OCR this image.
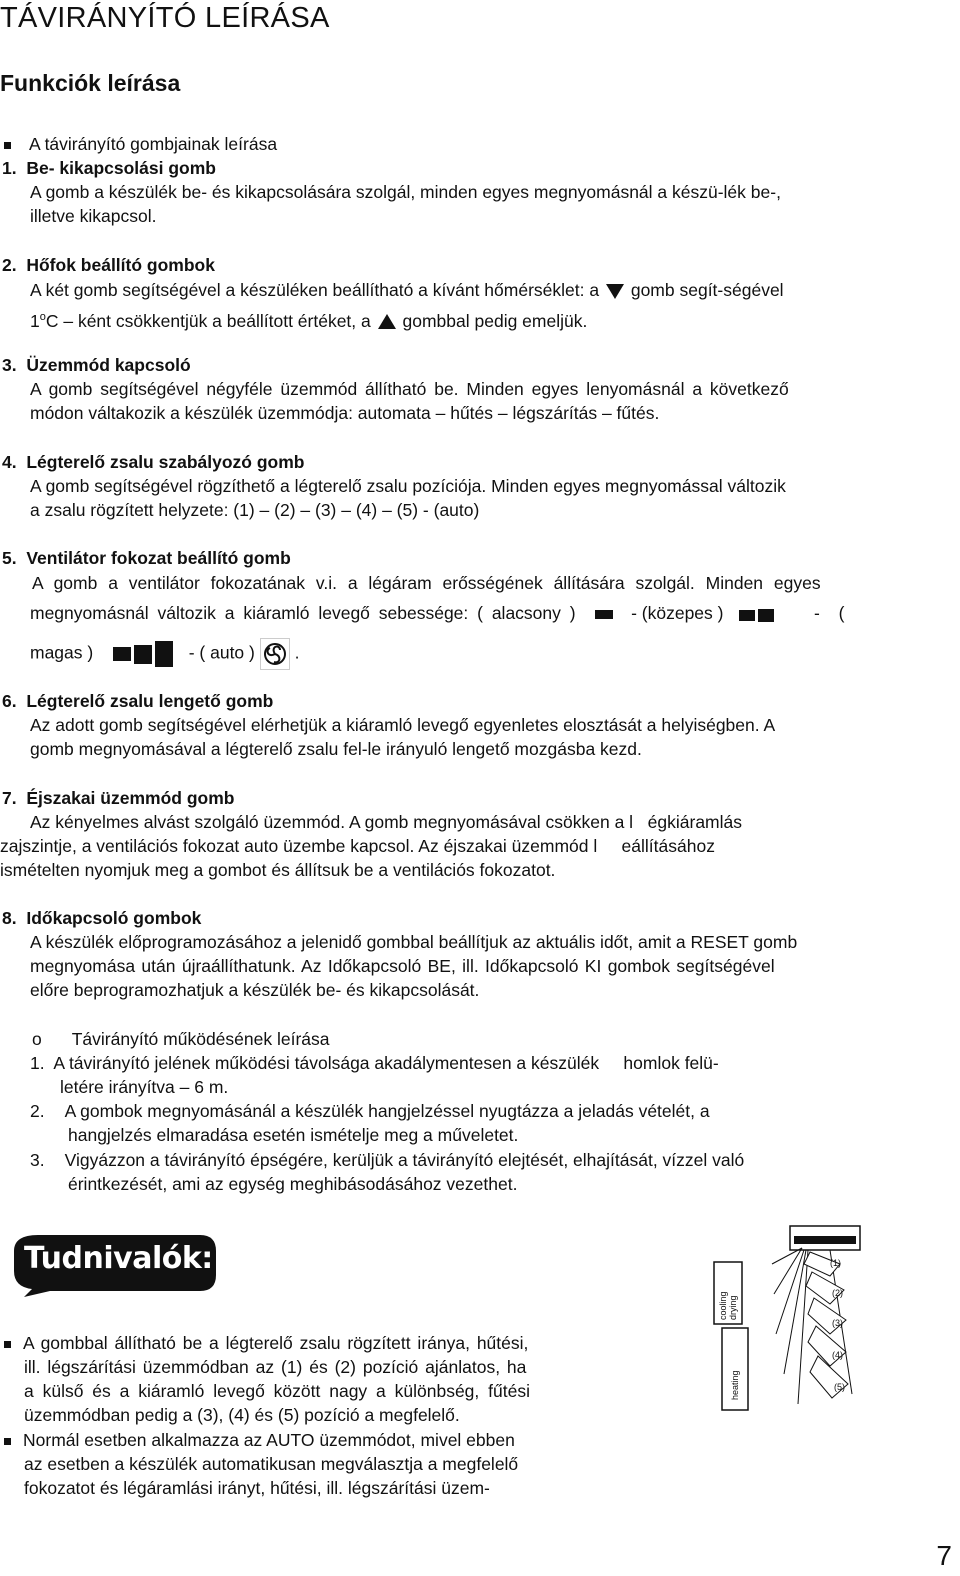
TÁVIRÁNYÍTÓ LEÍRÁSA
Funkciók leírása
A távirányító gombjainak leírása
1. Be- kikapcsolási gomb
A gomb a készülék be- és kikapcsolására szolgál, minden egyes megnyomásnál a készü-lék be-,
illetve kikapcsol.
2. Hőfok beállító gombok
A két gomb segítségével a készüléken beállítható a kívánt hőmérséklet: a gomb segít-ségével
1$^o$C – ként csökkentjük a beállított értéket, a gombbal pedig emeljük.
3. Üzemmód kapcsoló
A gomb segítségével négyféle üzemmód állítható be. Minden egyes lenyomásnál a következő
módon váltakozik a készülék üzemmódja: automata – hűtés – légszárítás – fűtés.
4. Légterelő zsalu szabályozó gomb
A gomb segítségével rögzíthető a légterelő zsalu pozíciója. Minden egyes megnyomással változik
a zsalu rögzített helyzete: (1) – (2) – (3) – (4) – (5) - (auto)
5. Ventilátor fokozat beállító gomb
A gomb a ventilátor fokozatának v.i. a légáram erősségének állítására szolgál. Minden egyes
megnyomásnál változik a kiáramló levegő sebessége: ( alacsony )	- (közepes )	- (
magas )	- ( auto ) .
6. Légterelő zsalu lengető gomb
Az adott gomb segítségével elérhetjük a kiáramló levegő egyenletes elosztását a helyiségben. A
gomb megnyomásával a légterelő zsalu fel-le irányuló lengető mozgásba kezd.
7. Éjszakai üzemmód gomb
Az kényelmes alvást szolgáló üzemmód. A gomb megnyomásával csökken a l   égkiáramlás
zajszintje, a ventilációs fokozat auto üzembe kapcsol. Az éjszakai üzemmód l     eállításához
ismételten nyomjuk meg a gombot és állítsuk be a ventilációs fokozatot.
8. Időkapcsoló gombok
A készülék előprogramozásához a jelenidő gombbal beállítjuk az aktuális időt, amit a RESET gomb
megnyomása után újraállíthatunk. Az Időkapcsoló BE, ill. Időkapcsoló KI gombok segítségével
előre beprogramozhatjuk a készülék be- és kikapcsolását.
o Távirányító működésének leírása
1. A távirányító jelének működési távolsága akadálymentesen a készülék     homlok felü-
letére irányítva – 6 m.
2. A gombok megnyomásánál a készülék hangjelzéssel nyugtázza a jeladás vételét, a
hangjelzés elmaradása esetén ismételje meg a műveletet.
3. Vigyázzon a távirányító épségére, kerüljük a távirányító elejtését, elhajítását, vízzel való
érintkezését, ami az egység meghibásodásához vezethet.
Tudnivalók:
A gombbal állítható be a légterelő zsalu rögzített iránya, hűtési,
ill. légszárítási üzemmódban az (1) és (2) pozíció ajánlatos, ha
a külső és a kiáramló levegő között nagy a különbség, fűtési
üzemmódban pedig a (3), (4) és (5) pozíció a megfelelő.
Normál esetben alkalmazza az AUTO üzemmódot, mivel ebben
az esetben a készülék automatikusan megválasztja a megfelelő
fokozatot és légáramlási irányt, hűtési, ill. légszárítási üzem-
cooling drying
heating
(1)
(2)
(3)
(4)
(5)
7
